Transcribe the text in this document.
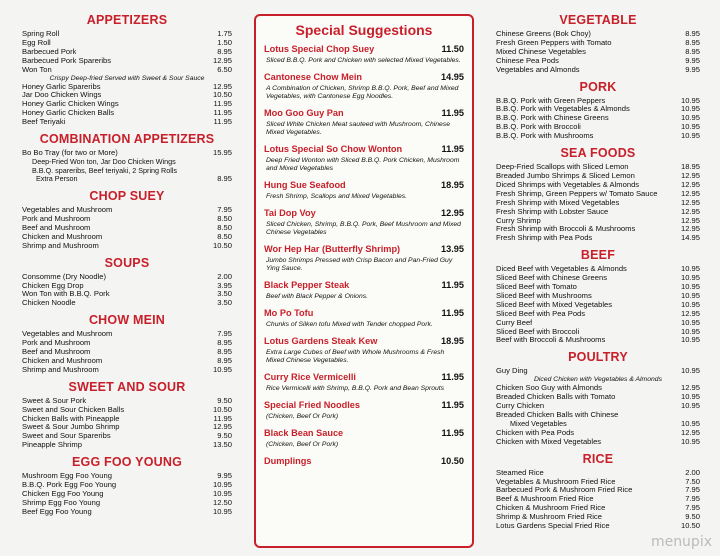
APPETIZERS
Spring Roll	1.75
Egg Roll	1.50
Barbecued Pork	8.95
Barbecued Pork Spareribs	12.95
Won Ton	6.50
Crispy Deep-fried Served with Sweet & Sour Sauce
Honey Garlic Spareribs	12.95
Jar Doo Chicken Wings	10.50
Honey Garlic Chicken Wings	11.95
Honey Garlic Chicken Balls	11.95
Beef Teriyaki	11.95
COMBINATION APPETIZERS
Bo Bo Tray (for two or More)	15.95
Deep-Fried Won ton, Jar Doo Chicken Wings
B.B.Q. spareribs, Beef teriyaki, 2 Spring Rolls
Extra Person	8.95
CHOP SUEY
Vegetables and Mushroom	7.95
Pork and Mushroom	8.50
Beef and Mushroom	8.50
Chicken and Mushroom	8.50
Shrimp and Mushroom	10.50
SOUPS
Consomme (Dry Noodle)	2.00
Chicken Egg Drop	3.95
Won Ton with B.B.Q. Pork	3.50
Chicken Noodle	3.50
CHOW MEIN
Vegetables and Mushroom	7.95
Pork and Mushroom	8.95
Beef and Mushroom	8.95
Chicken and Mushroom	8.95
Shrimp and Mushroom	10.95
SWEET AND SOUR
Sweet & Sour Pork	9.50
Sweet and Sour Chicken Balls	10.50
Chicken Balls with Pineapple	11.95
Sweet & Sour Jumbo Shrimp	12.95
Sweet and Sour Spareribs	9.50
Pineapple Shrimp	13.50
EGG FOO YOUNG
Mushroom Egg Foo Young	9.95
B.B.Q. Pork Egg Foo Young	10.95
Chicken Egg Foo Young	10.95
Shrimp Egg Foo Young	12.50
Beef Egg Foo Young	10.95
Special Suggestions
Lotus Special Chop Suey	11.50
Sliced B.B.Q. Pork and Chicken with selected Mixed Vegetables.
Cantonese Chow Mein	14.95
A Combination of Chicken, Shrimp B.B.Q. Pork, Beef and Mixed Vegetables, with Cantonese Egg Noodles.
Moo Goo Guy Pan	11.95
Sliced White Chicken Meat sauteed with Mushroom, Chinese Mixed Vegetables.
Lotus Special So Chow Wonton	11.95
Deep Fried Wonton with Sliced B.B.Q. Pork Chicken, Mushroom and Mixed Vegetables
Hung Sue Seafood	18.95
Fresh Shrimp, Scallops and Mixed Vegetables.
Tai Dop Voy	12.95
Sliced Chicken, Shrimp, B.B.Q. Pork, Beef Mushroom and Mixed Chinese Vegetables
Wor Hep Har (Butterfly Shrimp)	13.95
Jumbo Shrimps Pressed with Crisp Bacon and Pan-Fried Guy Ying Sauce.
Black Pepper Steak	11.95
Beef with Black Pepper & Onions.
Mo Po Tofu	11.95
Chunks of Silken tofu Mixed with Tender chopped Pork.
Lotus Gardens Steak Kew	18.95
Extra Large Cubes of Beef with Whole Mushrooms & Fresh Mixed Chinese Vegetables.
Curry Rice Vermicelli	11.95
Rice Vermicelli with Shrimp, B.B.Q. Pork and Bean Sprouts
Special Fried Noodles	11.95
(Chicken, Beef Or Pork)
Black Bean Sauce	11.95
(Chicken, Beef Or Pork)
Dumplings	10.50
VEGETABLE
Chinese Greens (Bok Choy)	8.95
Fresh Green Peppers with Tomato	8.95
Mixed Chinese Vegetables	8.95
Chinese Pea Pods	9.95
Vegetables and Almonds	9.95
PORK
B.B.Q. Pork with Green Peppers	10.95
B.B.Q. Pork with Vegetables & Almonds	10.95
B.B.Q. Pork with Chinese Greens	10.95
B.B.Q. Pork with Broccoli	10.95
B.B.Q. Pork with Mushrooms	10.95
SEA FOODS
Deep-Fried Scallops with Sliced Lemon	18.95
Breaded Jumbo Shrimps & Sliced Lemon	12.95
Diced Shrimps with Vegetables & Almonds	12.95
Fresh Shrimp, Green Peppers w/ Tomato Sauce	12.95
Fresh Shrimp with Mixed Vegetables	12.95
Fresh Shrimp with Lobster Sauce	12.95
Curry Shrimp	12.95
Fresh Shrimp with Broccoli & Mushrooms	12.95
Fresh Shrimp with Pea Pods	14.95
BEEF
Diced Beef with Vegetables & Almonds	10.95
Sliced Beef with Chinese Greens	10.95
Sliced Beef with Tomato	10.95
Sliced Beef with Mushrooms	10.95
Sliced Beef with Mixed Vegetables	10.95
Sliced Beef with Pea Pods	12.95
Curry Beef	10.95
Sliced Beef with Broccoli	10.95
Beef with Broccoli & Mushrooms	10.95
POULTRY
Guy Ding	10.95
Diced Chicken with Vegetables & Almonds
Chicken Soo Guy with Almonds	12.95
Breaded Chicken Balls with Tomato	10.95
Curry Chicken	10.95
Breaded Chicken Balls with Chinese
Mixed Vegetables	10.95
Chicken with Pea Pods	12.95
Chicken with Mixed Vegetables	10.95
RICE
Steamed Rice	2.00
Vegetables & Mushroom Fried Rice	7.50
Barbecued Pork & Mushroom Fried Rice	7.95
Beef & Mushroom Fried Rice	7.95
Chicken & Mushroom Fried Rice	7.95
Shrimp & Mushroom Fried Rice	9.50
Lotus Gardens Special Fried Rice	10.50
menupix
